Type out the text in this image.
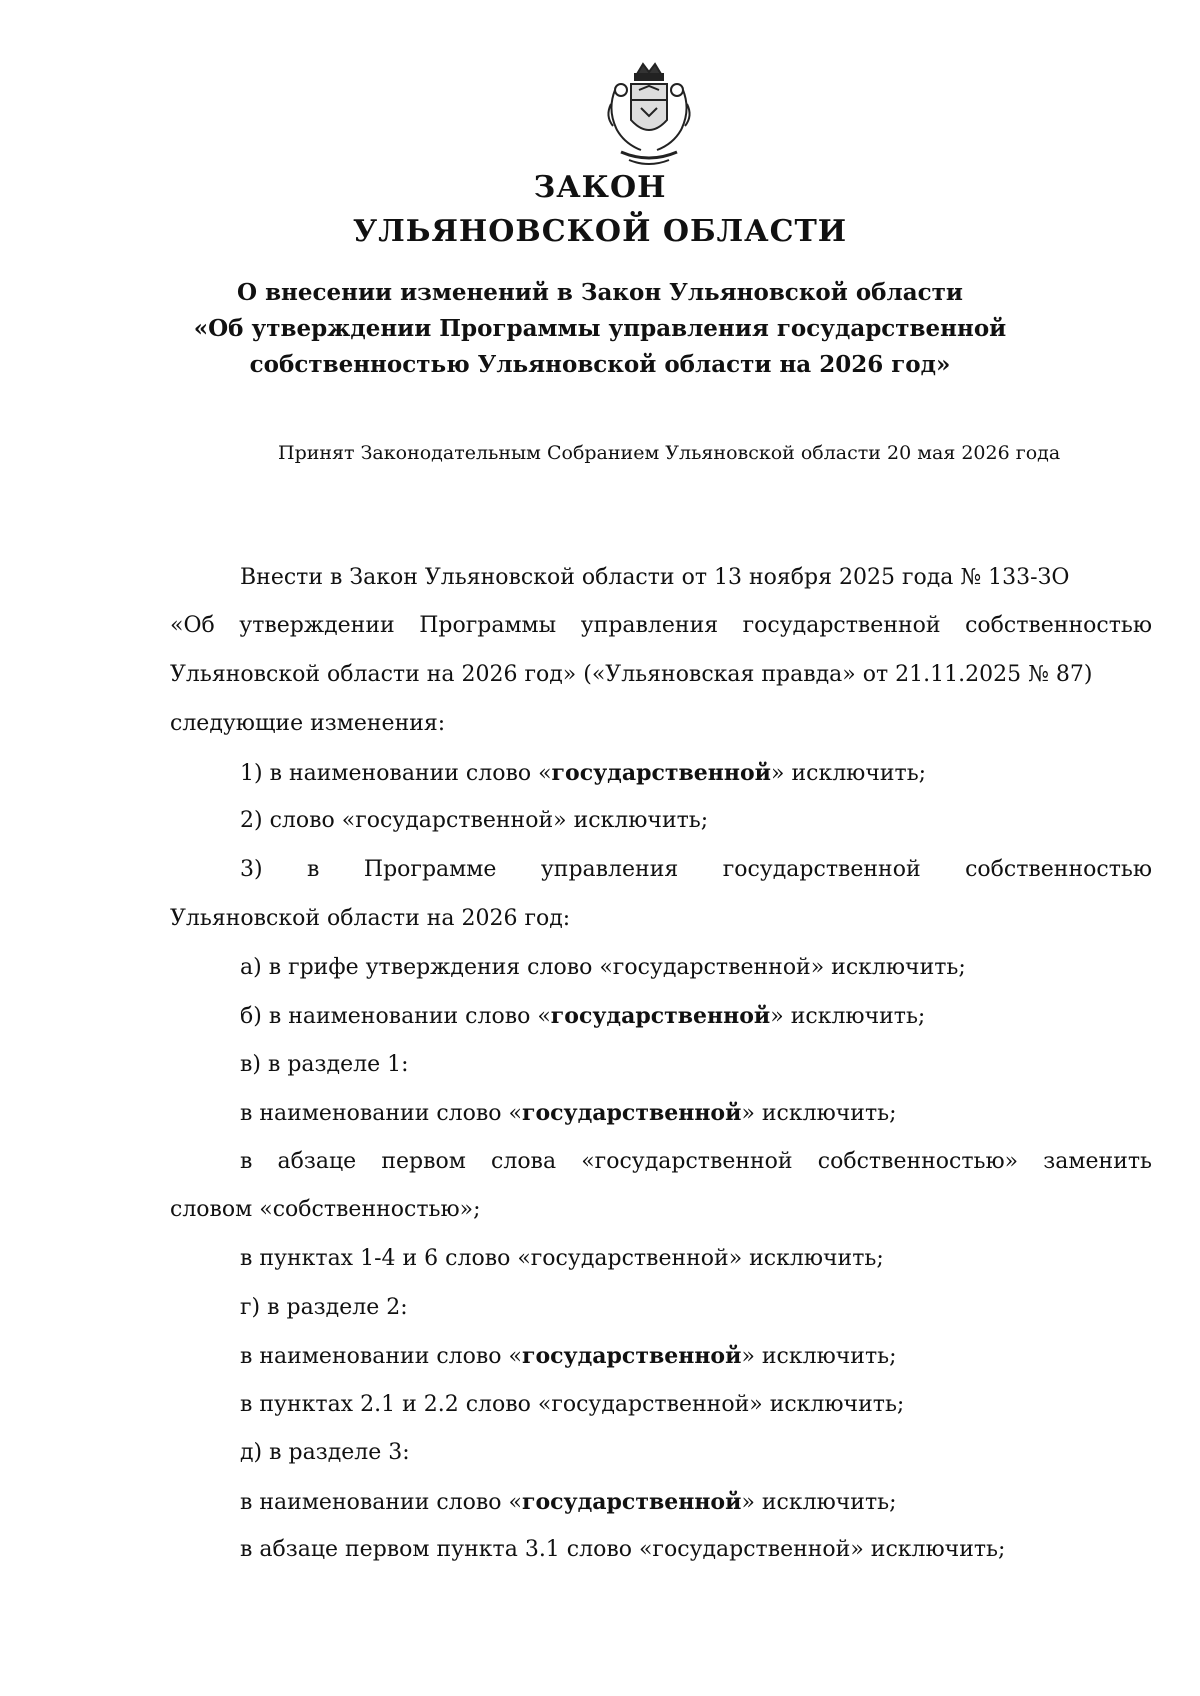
ЗАКОН
УЛЬЯНОВСКОЙ ОБЛАСТИ

О внесении изменений в Закон Ульяновской области

«Об утверждении Программы управления государственной

собственностью Ульяновской области на 2026 год»

Принят Законодательным Собранием Ульяновской области 20 мая 2026 года

Внести в Закон Ульяновской области от 13 ноября 2025 года № 133-ЗО

«Об утверждении Программы управления государственной собственностью

Ульяновской области на 2026 год» («Ульяновская правда» от 21.11.2025 № 87)

следующие изменения:

1) в наименовании слово «государственной» исключить;

2) слово «государственной» исключить;

3) в Программе управления государственной собственностью

Ульяновской области на 2026 год:

а) в грифе утверждения слово «государственной» исключить;

б) в наименовании слово «государственной» исключить;

в) в разделе 1:

в наименовании слово «государственной» исключить;

в абзаце первом слова «государственной собственностью» заменить

словом «собственностью»;

в пунктах 1-4 и 6 слово «государственной» исключить;

г) в разделе 2:

в наименовании слово «государственной» исключить;

в пунктах 2.1 и 2.2 слово «государственной» исключить;

д) в разделе 3:

в наименовании слово «государственной» исключить;

в абзаце первом пункта 3.1 слово «государственной» исключить;
